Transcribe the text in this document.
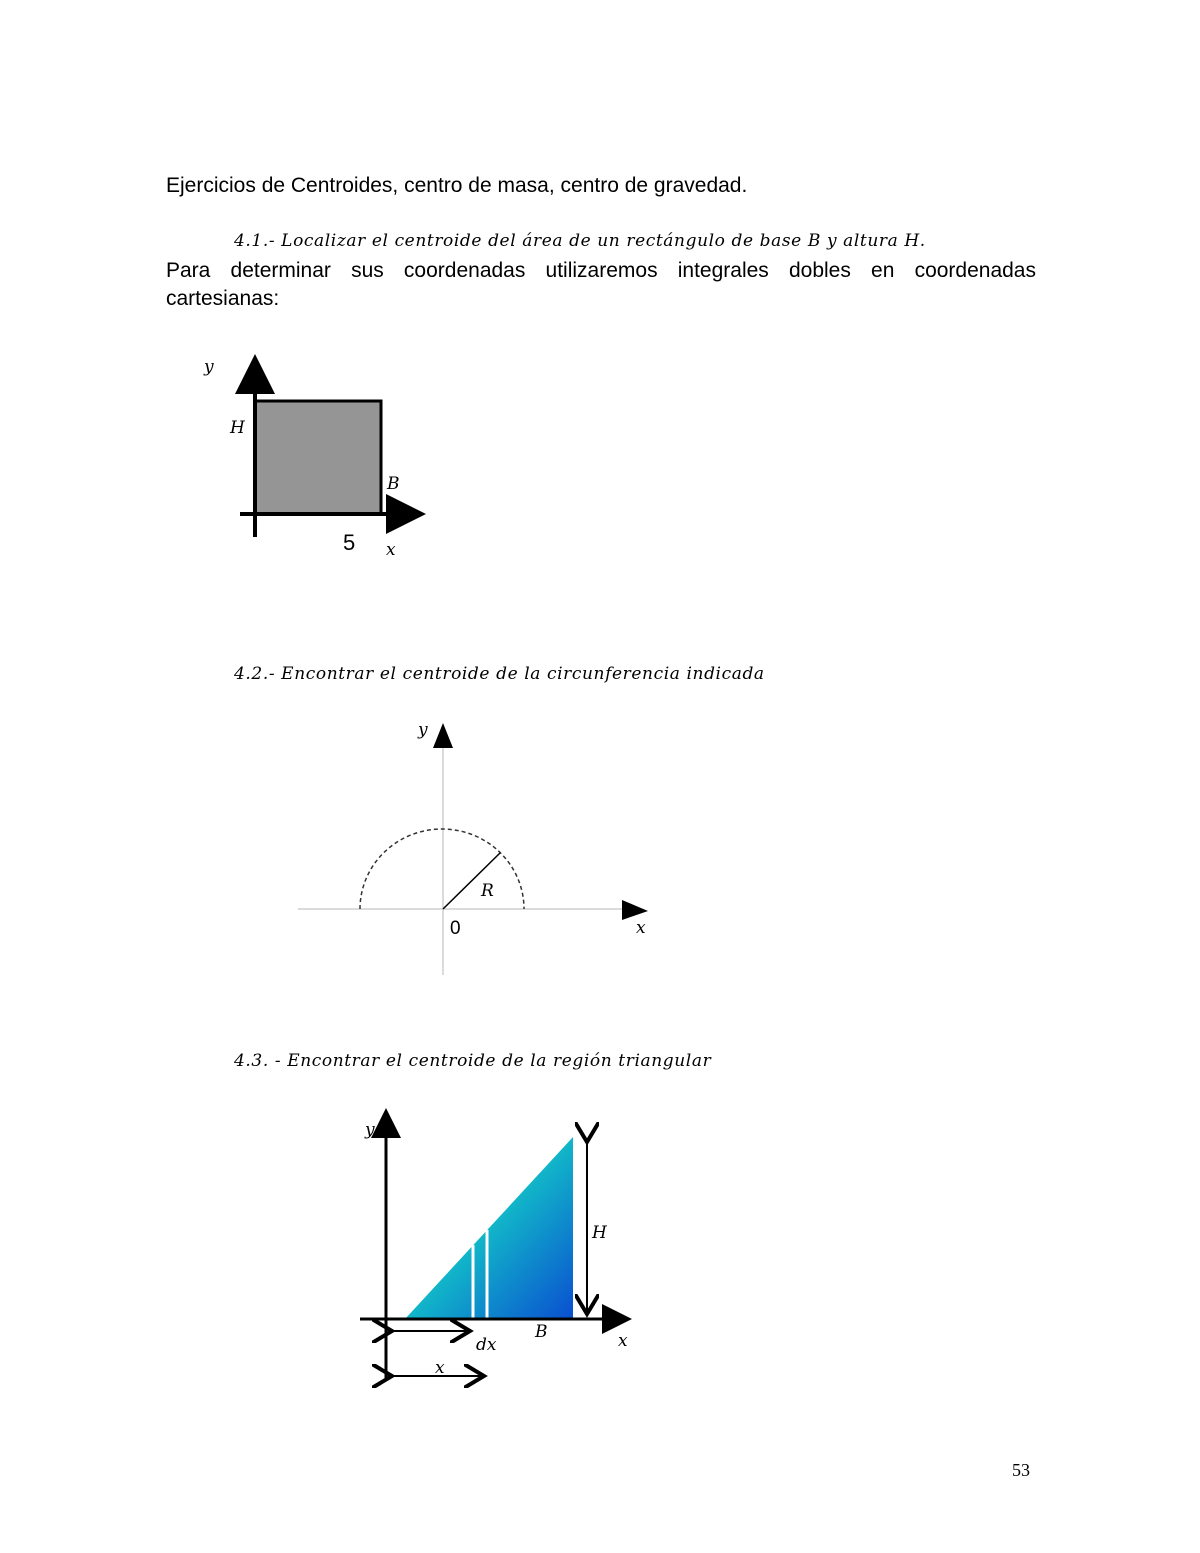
Ejercicios de Centroides, centro de masa, centro de gravedad.
4.1.- Localizar el centroide del área de un rectángulo de base B y altura H.
Para determinar sus coordenadas utilizaremos integrales dobles en coordenadas
cartesianas:
y
H
B
5 x
4.2.- Encontrar el centroide de la circunferencia indicada
y
R
0	x
4.3. - Encontrar el centroide de la región triangular
y
H
B
dx	x
x
53
